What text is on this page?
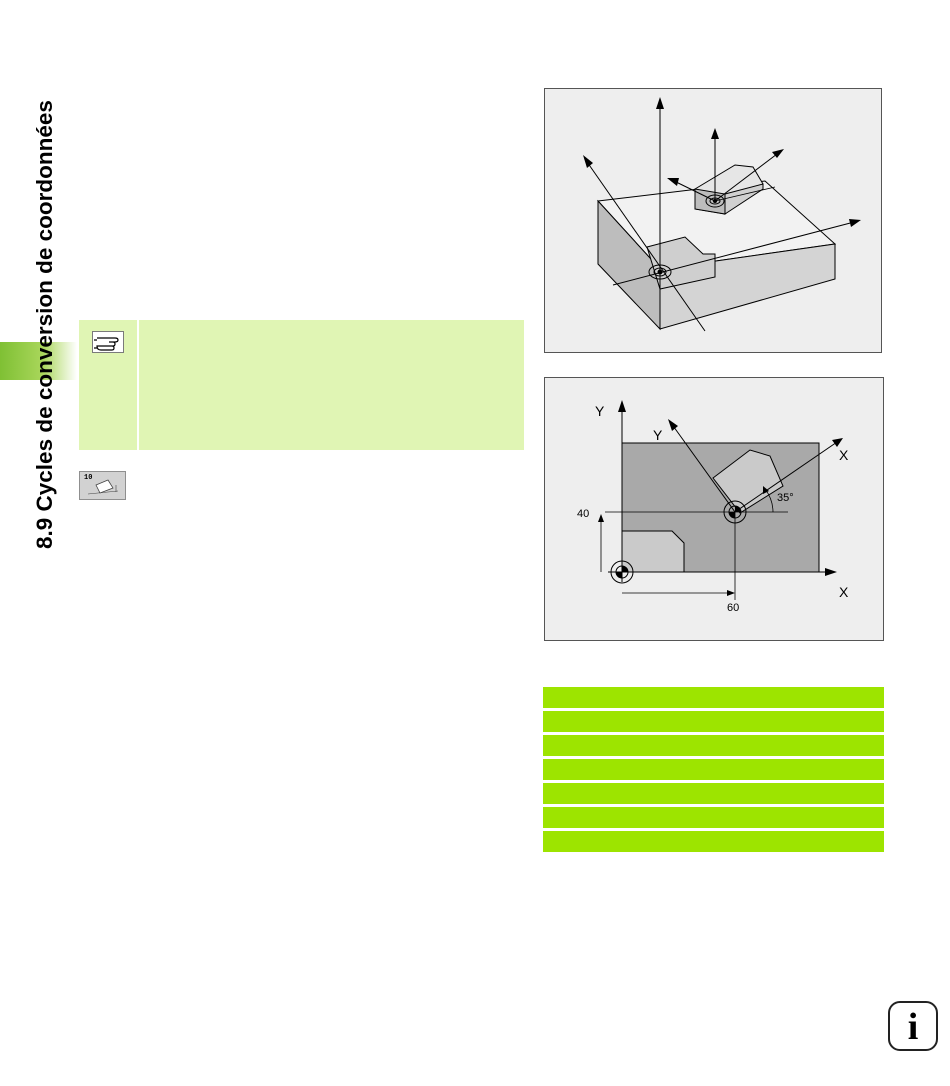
8.9 Cycles de conversion de coordonnées	10
Y
Y
X
X
40
60
35°
i
